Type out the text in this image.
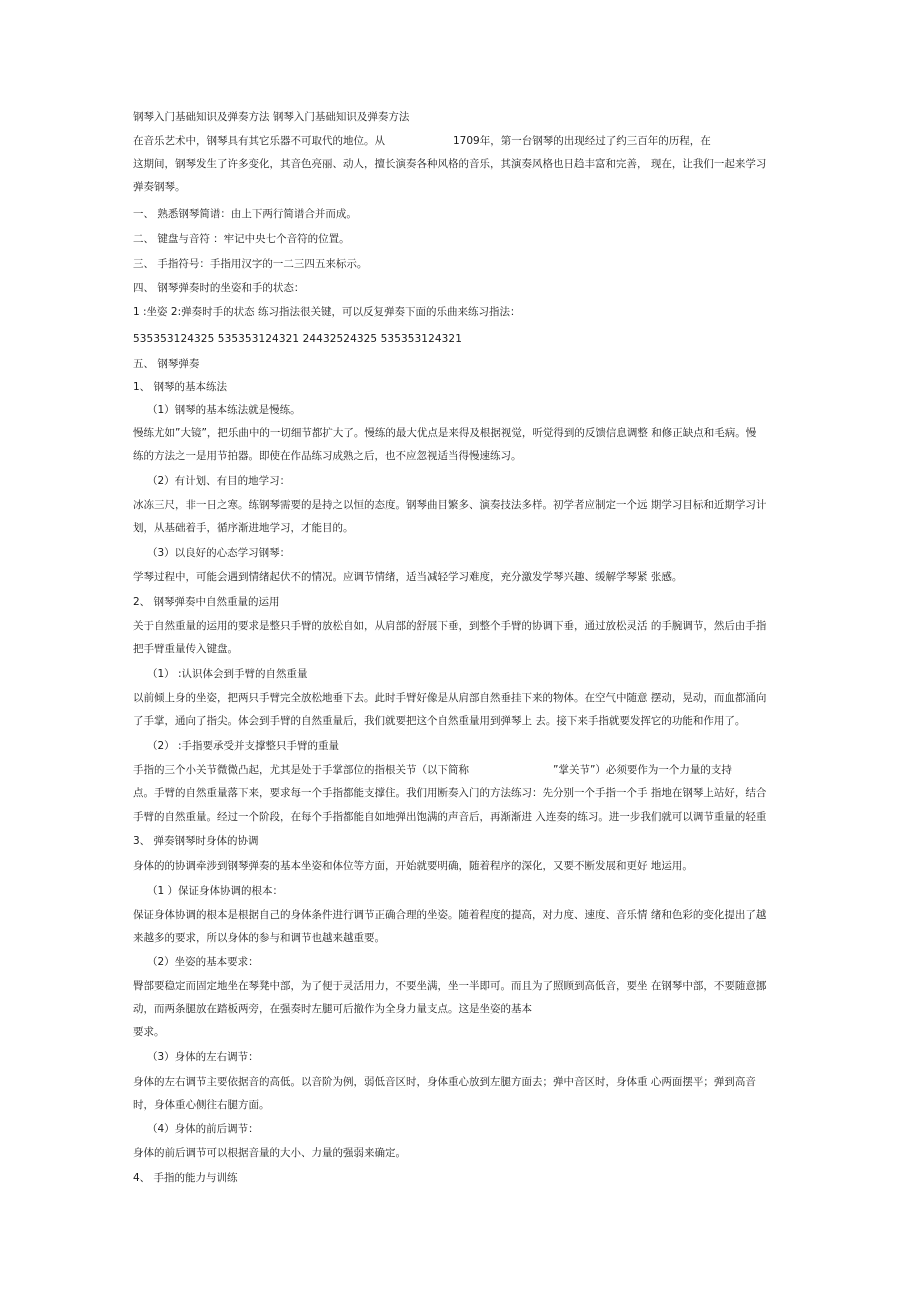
钢琴入门基础知识及弹奏方法 钢琴入门基础知识及弹奏方法
在音乐艺术中，钢琴具有其它乐器不可取代的地位。从	1709年，第一台钢琴的出现经过了约三百年的历程，在
这期间，钢琴发生了许多变化，其音色亮丽、动人，擅长演奏各种风格的音乐，其演奏风格也日趋丰富和完善， 现在，让我们一起来学习
弹奏钢琴。
一、 熟悉钢琴简谱：由上下两行简谱合并而成。
二、 键盘与音符 ：牢记中央七个音符的位置。
三、 手指符号：手指用汉字的一二三四五来标示。
四、 钢琴弹奏时的坐姿和手的状态：
1 :坐姿 2:弹奏时手的状态 练习指法很关键，可以反复弹奏下面的乐曲来练习指法：
535353124325 535353124321 24432524325 535353124321
五、 钢琴弹奏
1、 钢琴的基本练法
（1）钢琴的基本练法就是慢练。
慢练尤如”大镜”，把乐曲中的一切细节都扩大了。慢练的最大优点是来得及根据视觉，听觉得到的反馈信息调整 和修正缺点和毛病。慢
练的方法之一是用节拍器。即使在作品练习成熟之后，也不应忽视适当得慢速练习。
（2）有计划、有目的地学习：
冰冻三尺，非一日之寒。练钢琴需要的是持之以恒的态度。钢琴曲目繁多、演奏技法多样。初学者应制定一个远 期学习目标和近期学习计
划，从基础着手，循序渐进地学习，才能目的。
（3）以良好的心态学习钢琴：
学琴过程中，可能会遇到情绪起伏不的情况。应调节情绪，适当减轻学习难度，充分激发学琴兴趣、缓解学琴紧 张感。
2、 钢琴弹奏中自然重量的运用
关于自然重量的运用的要求是整只手臂的放松自如，从肩部的舒展下垂，到整个手臂的协调下垂，通过放松灵活 的手腕调节，然后由手指
把手臂重量传入键盘。
（1） :认识体会到手臂的自然重量
以前倾上身的坐姿，把两只手臂完全放松地垂下去。此时手臂好像是从肩部自然垂挂下来的物体。在空气中随意 摆动，晃动，而血都涌向
了手掌，通向了指尖。体会到手臂的自然重量后，我们就要把这个自然重量用到弹琴上 去。接下来手指就要发挥它的功能和作用了。
（2） :手指要承受并支撑整只手臂的重量
手指的三个小关节微微凸起，尤其是处于手掌部位的指根关节（以下简称	”掌关节”）必须要作为一个力量的支持
点。手臂的自然重量落下来，要求每一个手指都能支撑住。我们用断奏入门的方法练习：先分别一个手指一个手 指地在钢琴上站好，结合
手臂的自然重量。经过一个阶段，在每个手指都能自如地弹出饱满的声音后，再渐渐进 入连奏的练习。进一步我们就可以调节重量的轻重
3、 弹奏钢琴时身体的协调
身体的的协调牵涉到钢琴弹奏的基本坐姿和体位等方面，开始就要明确，随着程序的深化，又要不断发展和更好 地运用。
（1 ）保证身体协调的根本：
保证身体协调的根本是根据自己的身体条件进行调节正确合理的坐姿。随着程度的提高，对力度、速度、音乐情 绪和色彩的变化提出了越
来越多的要求，所以身体的参与和调节也越来越重要。
（2）坐姿的基本要求：
臀部要稳定而固定地坐在琴凳中部，为了便于灵活用力，不要坐满，坐一半即可。而且为了照顾到高低音，要坐 在钢琴中部，不要随意挪
动，而两条腿放在踏板两旁，在强奏时左腿可后撤作为全身力量支点。这是坐姿的基本
要求。
（3）身体的左右调节：
身体的左右调节主要依据音的高低。以音阶为例，弱低音区时，身体重心放到左腿方面去；弹中音区时，身体重 心两面摆平；弹到高音
时，身体重心侧往右腿方面。
（4）身体的前后调节：
身体的前后调节可以根据音量的大小、力量的强弱来确定。
4、 手指的能力与训练
